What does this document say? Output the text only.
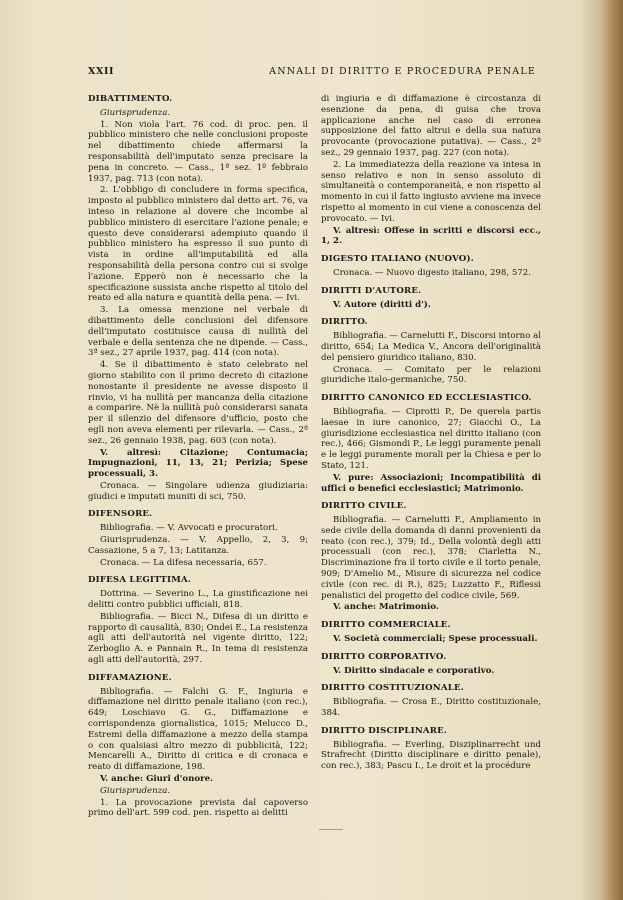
XXII	ANNALI DI DIRITTO E PROCEDURA PENALE
DIBATTIMENTO.
Giurisprudenza.
1. Non viola l'art. 76 cod. di proc. pen. il pubblico ministero che nelle conclusioni proposte nel dibattimento chiede affermarsi la responsabilità dell'imputato senza precisare la pena in concreto. — Cass., 1ª sez. 1º febbraio 1937, pag. 713 (con nota).
2. L'obbligo di concludere in forma specifica, imposto al pubblico ministero dal detto art. 76, va inteso in relazione al dovere che incombe al pubblico ministero di esercitare l'azione penale; e questo deve considerarsi adempiuto quando il pubblico ministero ha espresso il suo punto di vista in ordine all'imputabilità ed alla responsabilità della persona contro cui si svolge l'azione. Epperò non è necessario che la specificazione sussista anche rispetto al titolo del reato ed alla natura e quantità della pena. — Ivi.
3. La omessa menzione nel verbale di dibattimento delle conclusioni del difensore dell'imputato costituisce causa di nullità del verbale e della sentenza che ne dipende. — Cass., 3ª sez., 27 aprile 1937, pag. 414 (con nota).
4. Se il dibattimento è stato celebrato nel giorno stabilito con il primo decreto di citazione nonostante il presidente ne avesse disposto il rinvio, vi ha nullità per mancanza della citazione a comparire. Nè la nullità può considerarsi sanata per il silenzio del difensore d'ufficio, posto che egli non aveva elementi per rilevarla. — Cass., 2ª sez., 26 gennaio 1938, pag. 603 (con nota).
V. altresì: Citazione; Contumacia; Impugnazioni, 11, 13, 21; Perizia; Spese processuali, 3.
Cronaca. — Singolare udienza giudiziaria: giudici e imputati muniti di sci, 750.
DIFENSORE.
Bibliografia. — V. Avvocati e procuratori.
Giurisprudenza. — V. Appello, 2, 3, 9; Cassazione, 5 a 7, 13; Latitanza.
Cronaca. — La difesa necessaria, 657.
DIFESA LEGITTIMA.
Dottrina. — Severino L., La giustificazione nei delitti contro pubblici ufficiali, 818.
Bibliografia. — Bicci N., Difesa di un diritto e rapporto di causalità, 830; Ondei E., La resistenza agli atti dell'autorità nel vigente diritto, 122; Zerboglio A. e Pannain R., In tema di resistenza agli atti dell'autorità, 297.
DIFFAMAZIONE.
Bibliografia. — Falchi G. F., Ingiuria e diffamazione nel diritto penale italiano (con rec.), 649; Loschiavo G. G., Diffamazione e corrispondenza giornalistica, 1015; Melucco D., Estremi della diffamazione a mezzo della stampa o con qualsiasi altro mezzo di pubblicità, 122; Mencarelli A., Diritto di critica e di cronaca e reato di diffamazione, 198.
V. anche: Giuri d'onore.
Giurisprudenza.
1. La provocazione prevista dal capoverso primo dell'art. 599 cod. pen. rispetto ai delitti
di ingiuria e di diffamazione è circostanza di esenzione da pena, di guisa che trova applicazione anche nel caso di erronea supposizione del fatto altrui e della sua natura provocante (provocazione putativa). — Cass., 2ª sez., 29 gennaio 1937, pag. 227 (con nota).
2. La immediatezza della reazione va intesa in senso relativo e non in senso assoluto di simultaneità o contemporaneità, e non rispetto al momento in cui il fatto ingiusto avviene ma invece rispetto al momento in cui viene a conoscenza del provocato. — Ivi.
V. altresì: Offese in scritti e discorsi ecc., 1, 2.
DIGESTO ITALIANO (NUOVO).
Cronaca. — Nuovo digesto italiano, 298, 572.
DIRITTI D'AUTORE.
V. Autore (diritti d').
DIRITTO.
Bibliografia. — Carnelutti F., Discorsi intorno al diritto, 654; La Medica V., Ancora dell'originalità del pensiero giuridico italiano, 830.
Cronaca. — Comitato per le relazioni giuridiche italo-germaniche, 750.
DIRITTO CANONICO ED ECCLESIASTICO.
Bibliografia. — Ciprotti P., De querela partis laesae in iure canonico, 27; Giacchi O., La giurisdizione ecclesiastica nel diritto italiano (con rec.), 466; Gismondi P., Le leggi puramente penali e le leggi puramente morali per la Chiesa e per lo Stato, 121.
V. pure: Associazioni; Incompatibilità di uffici o benefici ecclesiastici; Matrimonio.
DIRITTO CIVILE.
Bibliografia. — Carnelutti F., Ampliamento in sede civile della domanda di danni provenienti da reato (con rec.), 379; Id., Della volontà degli atti processuali (con rec.), 378; Ciarletta N., Discriminazione fra il torto civile e il torto penale, 909; D'Amelio M., Misure di sicurezza nel codice civile (con rec. di R.), 825; Luzzatto F., Riflessi penalistici del progetto del codice civile, 569.
V. anche: Matrimonio.
DIRITTO COMMERCIALE.
V. Società commerciali; Spese processuali.
DIRITTO CORPORATIVO.
V. Diritto sindacale e corporativo.
DIRITTO COSTITUZIONALE.
Bibliografia. — Crosa E., Diritto costituzionale, 384.
DIRITTO DISCIPLINARE.
Bibliografia. — Everling, Disziplinarrecht und Strafrecht (Diritto disciplinare e diritto penale), con rec.), 383; Pascu I., Le droit et la procédure
